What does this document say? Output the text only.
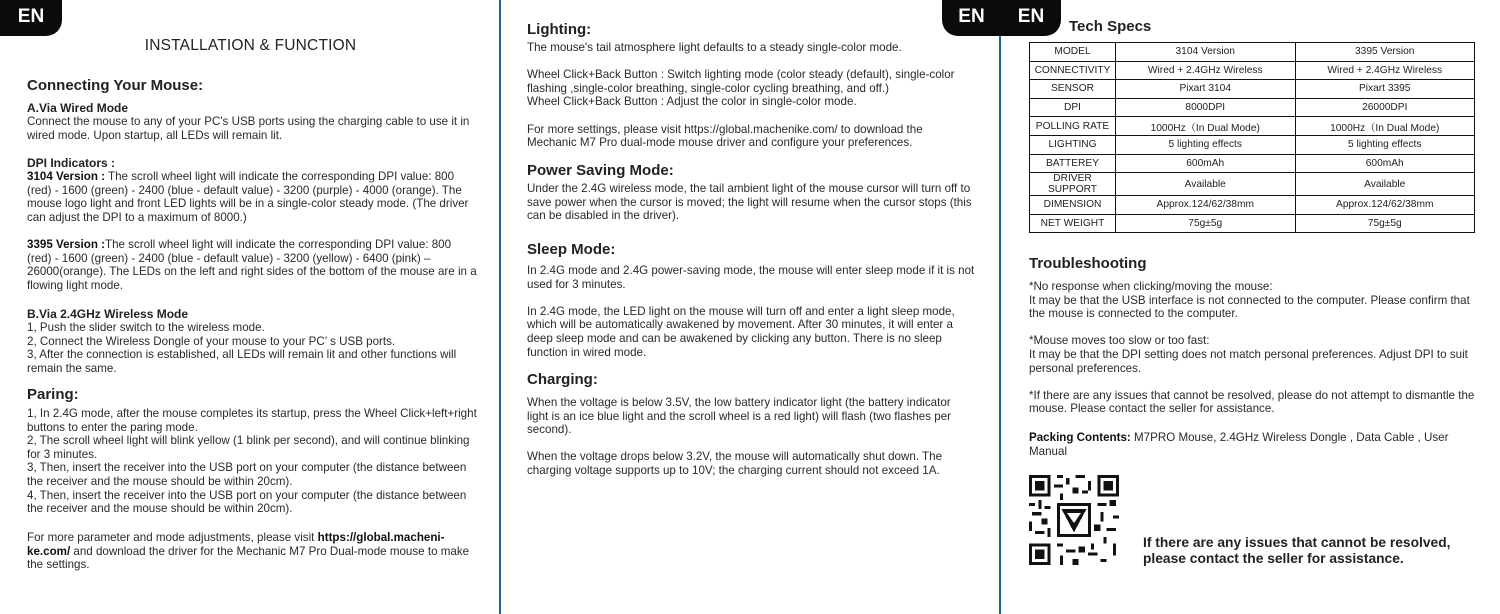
EN
INSTALLATION & FUNCTION
Connecting Your Mouse:
A.Via Wired Mode
Connect the mouse to any of your PC's USB ports using the charging cable to use it in wired mode. Upon startup, all LEDs will remain lit.
DPI Indicators :
3104 Version : The scroll wheel light will indicate the corresponding DPI value: 800 (red) - 1600 (green) - 2400 (blue - default value) - 3200 (purple) - 4000 (orange). The mouse logo light and front LED lights will be in a single-color steady mode. (The driver can adjust the DPI to a maximum of 8000.)
3395 Version :The scroll wheel light will indicate the corresponding DPI value: 800 (red) - 1600 (green) - 2400 (blue - default value) - 3200 (yellow) - 6400 (pink) – 26000(orange). The LEDs on the left and right sides of the bottom of the mouse are in a flowing light mode.
B.Via 2.4GHz Wireless Mode
1, Push the slider switch to the wireless mode.
2, Connect the Wireless Dongle of your mouse to your PC’ s USB ports.
3, After the connection is established, all LEDs will remain lit and other functions will remain the same.
Paring:
1, In 2.4G mode, after the mouse completes its startup, press the Wheel Click+left+right buttons to enter the paring mode.
2, The scroll wheel light will blink yellow (1 blink per second), and will continue blinking for 3 minutes.
3, Then, insert the receiver into the USB port on your computer (the distance between the receiver and the mouse should be within 20cm).
4, Then, insert the receiver into the USB port on your computer (the distance between the receiver and the mouse should be within 20cm).
For more parameter and mode adjustments, please visit https://global.macheni-ke.com/ and download the driver for the Mechanic M7 Pro Dual-mode mouse to make the settings.
EN
Lighting:
The mouse's tail atmosphere light defaults to a steady single-color mode.

Wheel Click+Back Button : Switch lighting mode (color steady (default), single-color flashing ,single-color breathing, single-color cycling breathing, and off.)
Wheel Click+Back Button : Adjust the color in single-color mode.

For more settings, please visit https://global.machenike.com/ to download the Mechanic M7 Pro dual-mode mouse driver and configure your preferences.
Power Saving Mode:
Under the 2.4G wireless mode, the tail ambient light of the mouse cursor will turn off to save power when the cursor is moved; the light will resume when the cursor stops (this can be disabled in the driver).
Sleep Mode:
In 2.4G mode and 2.4G power-saving mode, the mouse will enter sleep mode if it is not used for 3 minutes.

In 2.4G mode, the LED light on the mouse will turn off and enter a light sleep mode, which will be automatically awakened by movement. After 30 minutes, it will enter a deep sleep mode and can be awakened by clicking any button. There is no sleep function in wired mode.
Charging:
When the voltage is below 3.5V, the low battery indicator light (the battery indicator light is an ice blue light and the scroll wheel is a red light) will flash (two flashes per second).

When the voltage drops below 3.2V, the mouse will automatically shut down. The charging voltage supports up to 10V; the charging current should not exceed 1A.
EN	Tech Specs
MODEL	3104 Version	3395 Version
CONNECTIVITY	Wired + 2.4GHz Wireless	Wired + 2.4GHz Wireless
SENSOR	Pixart 3104	Pixart 3395
DPI	8000DPI	26000DPI
POLLING RATE	1000Hz（In Dual Mode)	1000Hz（In Dual Mode)
LIGHTING	5 lighting effects	5 lighting effects
BATTEREY	600mAh	600mAh
DRIVER SUPPORT	Available	Available
DIMENSION	Approx.124/62/38mm	Approx.124/62/38mm
NET WEIGHT	75g±5g	75g±5g
Troubleshooting
*No response when clicking/moving the mouse:
It may be that the USB interface is not connected to the computer. Please confirm that the mouse is connected to the computer.

*Mouse moves too slow or too fast:
It may be that the DPI setting does not match personal preferences. Adjust DPI to suit personal preferences.

*If there are any issues that cannot be resolved, please do not attempt to dismantle the mouse. Please contact the seller for assistance.
Packing Contents: M7PRO Mouse, 2.4GHz Wireless Dongle , Data Cable , User Manual
If there are any issues that cannot be resolved,
please contact the seller for assistance.
